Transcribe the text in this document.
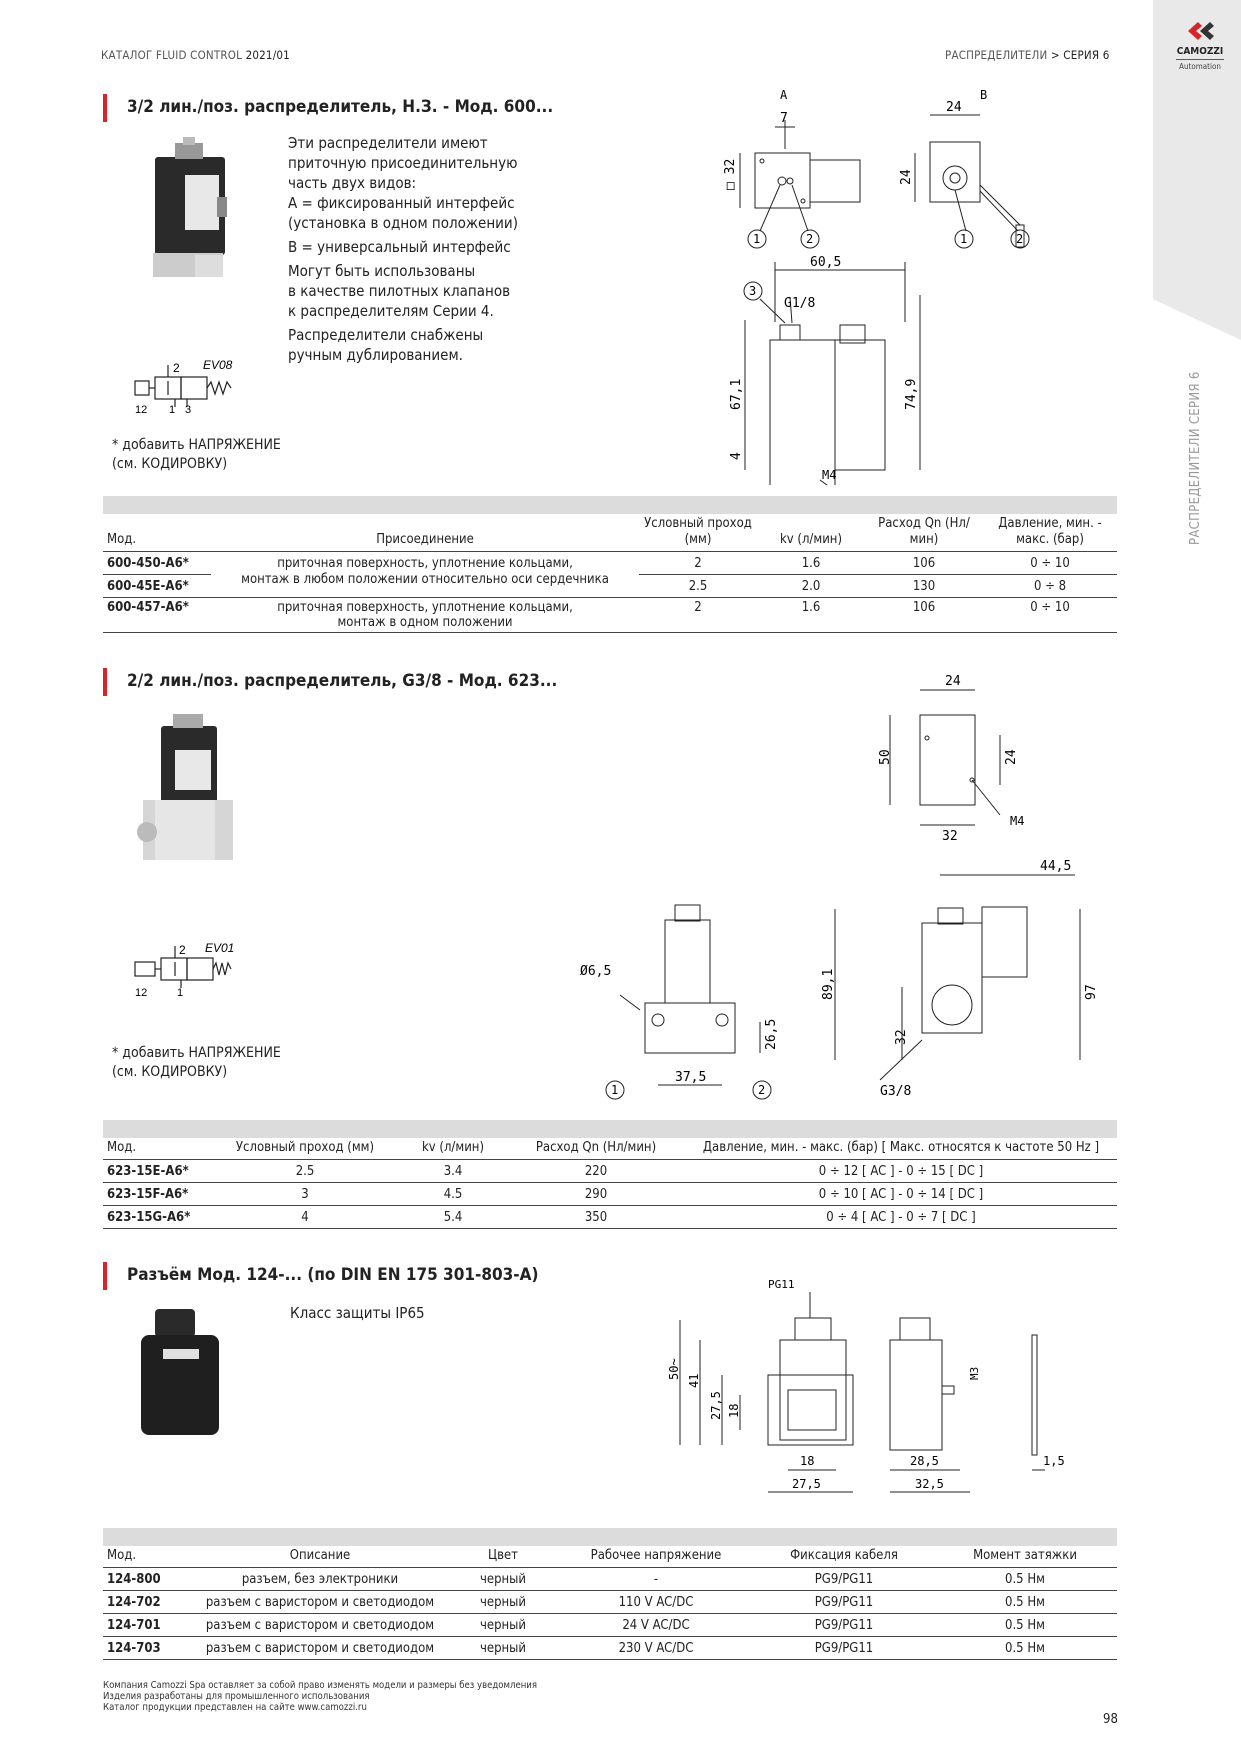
КАТАЛОГ FLUID CONTROL 2021/01	РАСПРЕДЕЛИТЕЛИ > СЕРИЯ 6	CAMOZZI
Automation
РАСПРЕДЕЛИТЕЛИ СЕРИЯ 6
3/2 лин./поз. распределитель, Н.З. - Мод. 600...
Эти распределители имеют
приточную присоединительную
часть двух видов:
A = фиксированный интерфейс
(установка в одном положении)
B = универсальный интерфейс
Могут быть использованы
в качестве пилотных клапанов
к распределителям Серии 4.
Распределители снабжены
ручным дублированием.
2 EV08
12 1 3
* добавить НАПРЯЖЕНИЕ
(см. КОДИРОВКУ)
A	B
7
24
□ 32	24
1	2	1	2
3
60,5
G1/8
67,1	74,9
4
M4

Мод.	Присоединение	Условный проход (мм)	kv (л/мин)	Расход Qn (Нл/мин)	Давление, мин. - макс. (бар)
600-450-A6*	приточная поверхность, уплотнение кольцами,	2	1.6	106	0 ÷ 10
600-45E-A6*	монтаж в любом положении относительно оси сердечника	2.5	2.0	130	0 ÷ 8
600-457-A6*	приточная поверхность, уплотнение кольцами,
монтаж в одном положении	2	1.6	106	0 ÷ 10
2/2 лин./поз. распределитель, G3/8 - Мод. 623...
2 EV01
12	1
* добавить НАПРЯЖЕНИЕ
(см. КОДИРОВКУ)
24
50	24
32
M4
44,5
89,1	97
32
G3/8
Ø6,5
26,5
37,5
1	2

Мод.	Условный проход (мм)	kv (л/мин)	Расход Qn (Нл/мин)	Давление, мин. - макс. (бар) [ Макс. относятся к частоте 50 Hz ]
623-15E-A6*	2.5	3.4	220	0 ÷ 12 [ AC ] - 0 ÷ 15 [ DC ]
623-15F-A6*	3	4.5	290	0 ÷ 10 [ AC ] - 0 ÷ 14 [ DC ]
623-15G-A6*	4	5.4	350	0 ÷ 4 [ AC ] - 0 ÷ 7 [ DC ]
Разъём Мод. 124-... (по DIN EN 175 301-803-A)
Класс защиты IP65
PG11
50~
41
27,5 18
18
27,5
28,5
32,5
M3
1,5

Мод.	Описание	Цвет	Рабочее напряжение	Фиксация кабеля	Момент затяжки
124-800	разъем, без электроники	черный	-	PG9/PG11	0.5 Нм
124-702	разъем с варистором и светодиодом	черный	110 V AC/DC	PG9/PG11	0.5 Нм
124-701	разъем с варистором и светодиодом	черный	24 V AC/DC	PG9/PG11	0.5 Нм
124-703	разъем с варистором и светодиодом	черный	230 V AC/DC	PG9/PG11	0.5 Нм
Компания Camozzi Spa оставляет за собой право изменять модели и размеры без уведомления
Изделия разработаны для промышленного использования
Каталог продукции представлен на сайте www.camozzi.ru
98
